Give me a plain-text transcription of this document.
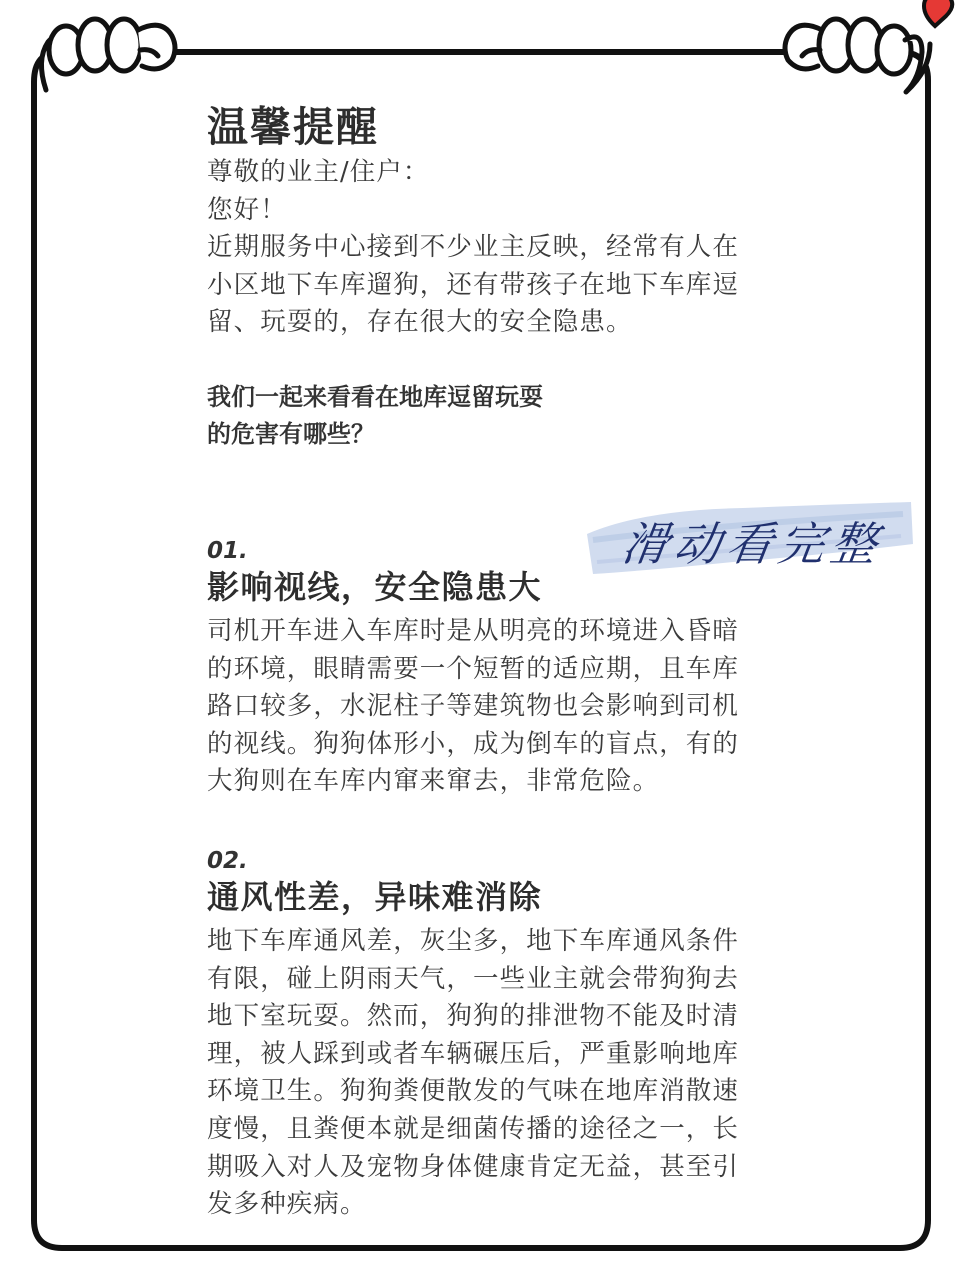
温馨提醒
尊敬的业主/住户：
您好！
近期服务中心接到不少业主反映，经常有人在
小区地下车库遛狗，还有带孩子在地下车库逗
留、玩耍的，存在很大的安全隐患。
我们一起来看看在地库逗留玩耍
的危害有哪些？
滑动看完整
01.
影响视线，安全隐患大
司机开车进入车库时是从明亮的环境进入昏暗
的环境，眼睛需要一个短暂的适应期，且车库
路口较多，水泥柱子等建筑物也会影响到司机
的视线。狗狗体形小，成为倒车的盲点，有的
大狗则在车库内窜来窜去，非常危险。
02.
通风性差，异味难消除
地下车库通风差，灰尘多，地下车库通风条件
有限，碰上阴雨天气，一些业主就会带狗狗去
地下室玩耍。然而，狗狗的排泄物不能及时清
理，被人踩到或者车辆碾压后，严重影响地库
环境卫生。狗狗粪便散发的气味在地库消散速
度慢，且粪便本就是细菌传播的途径之一，长
期吸入对人及宠物身体健康肯定无益，甚至引
发多种疾病。
